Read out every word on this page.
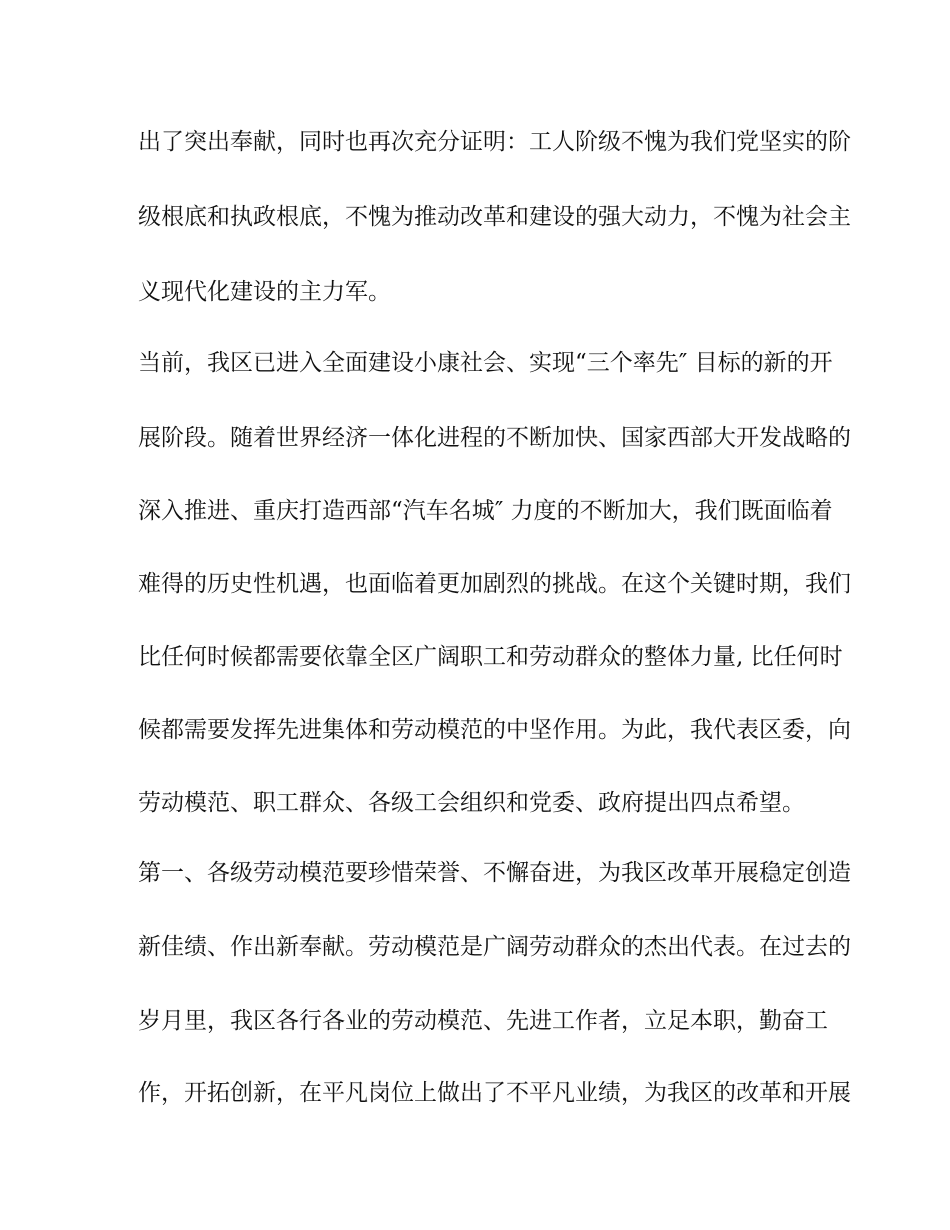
出了突出奉献，同时也再次充分证明：工人阶级不愧为我们党坚实的阶
级根底和执政根底，不愧为推动改革和建设的强大动力，不愧为社会主
义现代化建设的主力军。
当前，我区已进入全面建设小康社会、实现“三个率先″ 目标的新的开
展阶段。随着世界经济一体化进程的不断加快、国家西部大开发战略的
深入推进、重庆打造西部“汽车名城″ 力度的不断加大，我们既面临着
难得的历史性机遇，也面临着更加剧烈的挑战。在这个关键时期，我们
比任何时候都需要依靠全区广阔职工和劳动群众的整体力量, 比任何时
候都需要发挥先进集体和劳动模范的中坚作用。为此，我代表区委，向
劳动模范、职工群众、各级工会组织和党委、政府提出四点希望。
第一、各级劳动模范要珍惜荣誉、不懈奋进，为我区改革开展稳定创造
新佳绩、作出新奉献。劳动模范是广阔劳动群众的杰出代表。在过去的
岁月里，我区各行各业的劳动模范、先进工作者，立足本职，勤奋工
作，开拓创新，在平凡岗位上做出了不平凡业绩，为我区的改革和开展
